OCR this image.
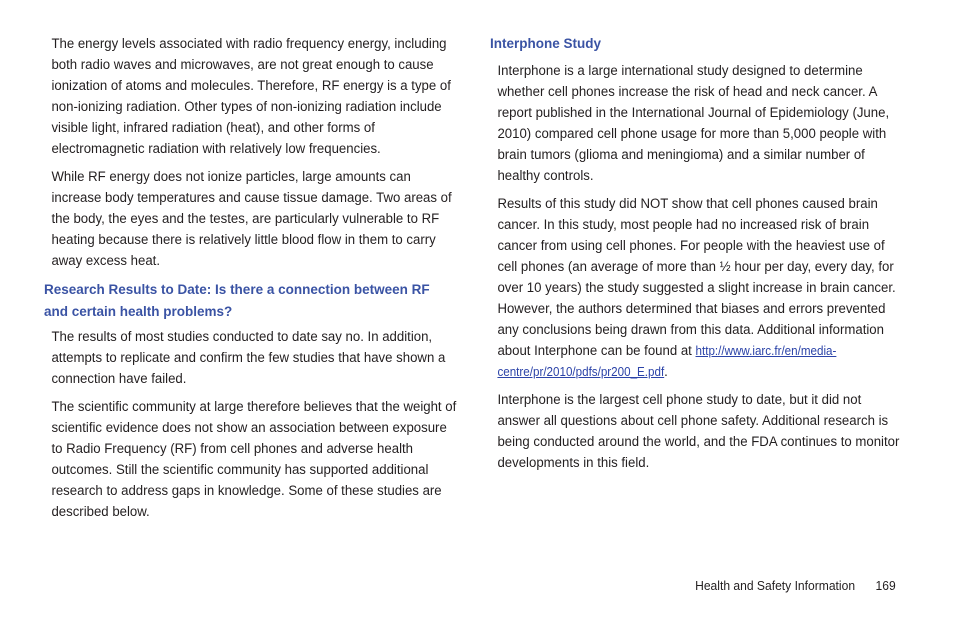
The energy levels associated with radio frequency energy, including both radio waves and microwaves, are not great enough to cause ionization of atoms and molecules. Therefore, RF energy is a type of non-ionizing radiation. Other types of non-ionizing radiation include visible light, infrared radiation (heat), and other forms of electromagnetic radiation with relatively low frequencies.

While RF energy does not ionize particles, large amounts can increase body temperatures and cause tissue damage. Two areas of the body, the eyes and the testes, are particularly vulnerable to RF heating because there is relatively little blood flow in them to carry away excess heat.

Research Results to Date: Is there a connection between RF and certain health problems?

The results of most studies conducted to date say no. In addition, attempts to replicate and confirm the few studies that have shown a connection have failed.

The scientific community at large therefore believes that the weight of scientific evidence does not show an association between exposure to Radio Frequency (RF) from cell phones and adverse health outcomes. Still the scientific community has supported additional research to address gaps in knowledge. Some of these studies are described below.

Interphone Study

Interphone is a large international study designed to determine whether cell phones increase the risk of head and neck cancer. A report published in the International Journal of Epidemiology (June, 2010) compared cell phone usage for more than 5,000 people with brain tumors (glioma and meningioma) and a similar number of healthy controls.

Results of this study did NOT show that cell phones caused brain cancer. In this study, most people had no increased risk of brain cancer from using cell phones. For people with the heaviest use of cell phones (an average of more than ½ hour per day, every day, for over 10 years) the study suggested a slight increase in brain cancer. However, the authors determined that biases and errors prevented any conclusions being drawn from this data. Additional information about Interphone can be found at http://www.iarc.fr/en/media-centre/pr/2010/pdfs/pr200_E.pdf.

Interphone is the largest cell phone study to date, but it did not answer all questions about cell phone safety. Additional research is being conducted around the world, and the FDA continues to monitor developments in this field.

Health and Safety Information 169
